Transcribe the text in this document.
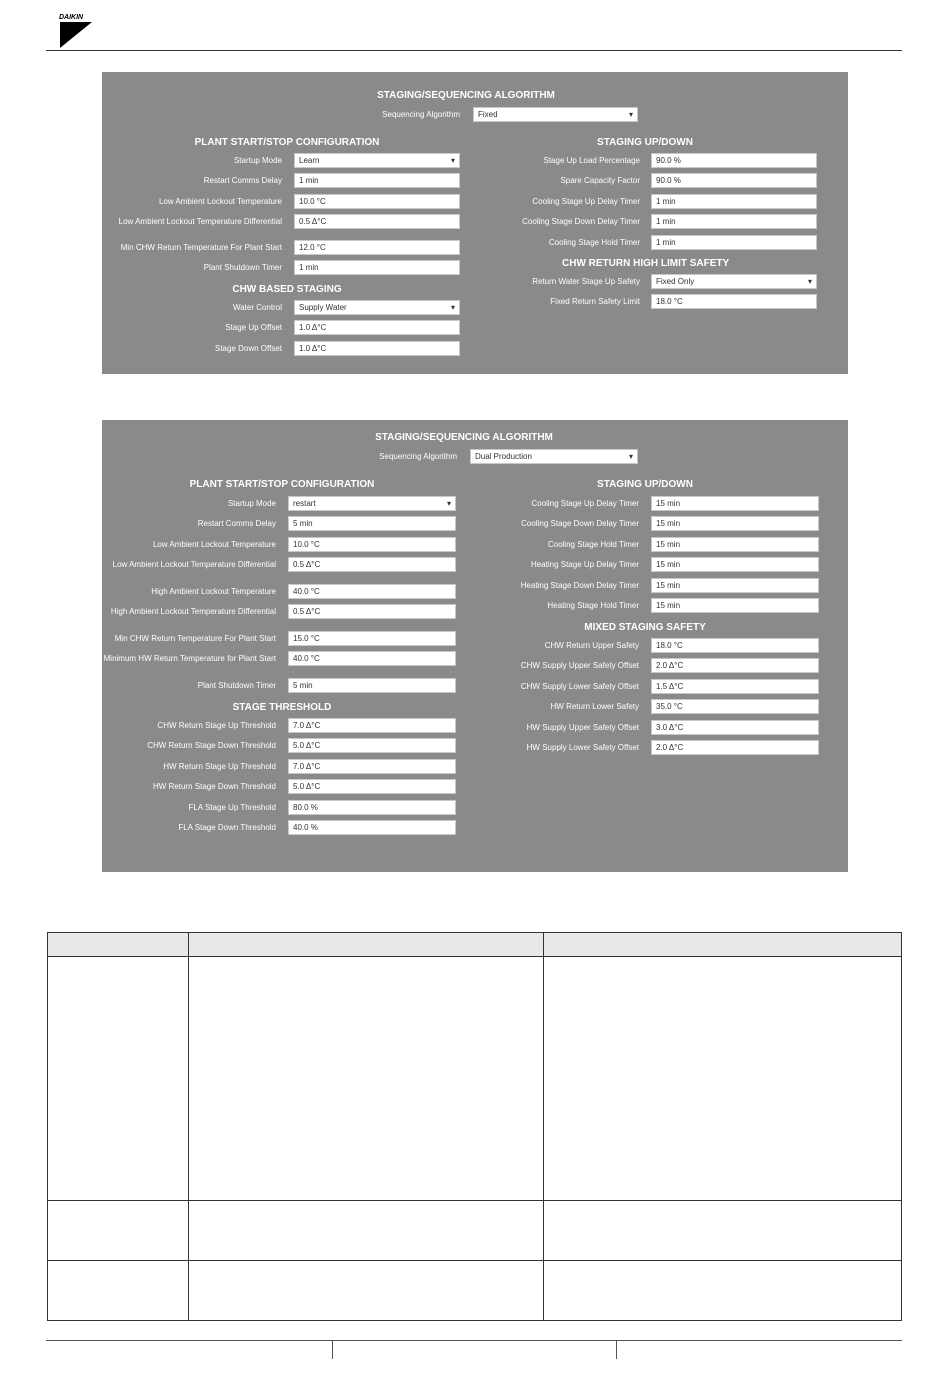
DAIKIN
STAGING/SEQUENCING ALGORITHM
Sequencing Algorithm	Fixed ▾
PLANT START/STOP CONFIGURATION	STAGING UP/DOWN
CHW BASED STAGING
CHW RETURN HIGH LIMIT SAFETY
Startup Mode	Learn ▾
Restart Comms Delay	1 min
Low Ambient Lockout Temperature	10.0 °C
Low Ambient Lockout Temperature Differential	0.5 Δ°C
Min CHW Return Temperature For Plant Start	12.0 °C
Plant Shutdown Timer	1 min
Water Control	Supply Water ▾
Stage Up Offset	1.0 Δ°C
Stage Down Offset	1.0 Δ°C
Stage Up Load Percentage	90.0 %
Spare Capacity Factor	90.0 %
Cooling Stage Up Delay Timer	1 min
Cooling Stage Down Delay Timer	1 min
Cooling Stage Hold Timer	1 min
Return Water Stage Up Safety	Fixed Only ▾
Fixed Return Safety Limit	18.0 °C
STAGING/SEQUENCING ALGORITHM
Sequencing Algorithm	Dual Production ▾
PLANT START/STOP CONFIGURATION	STAGING UP/DOWN
STAGE THRESHOLD
MIXED STAGING SAFETY
Startup Mode	restart ▾
Restart Comms Delay	5 min
Low Ambient Lockout Temperature	10.0 °C
Low Ambient Lockout Temperature Differential	0.5 Δ°C
High Ambient Lockout Temperature	40.0 °C
High Ambient Lockout Temperature Differential	0.5 Δ°C
Min CHW Return Temperature For Plant Start	15.0 °C
Minimum HW Return Temperature for Plant Start	40.0 °C
Plant Shutdown Timer	5 min
CHW Return Stage Up Threshold	7.0 Δ°C
CHW Return Stage Down Threshold	5.0 Δ°C
HW Return Stage Up Threshold	7.0 Δ°C
HW Return Stage Down Threshold	5.0 Δ°C
FLA Stage Up Threshold	80.0 %
FLA Stage Down Threshold	40.0 %
Cooling Stage Up Delay Timer	15 min
Cooling Stage Down Delay Timer	15 min
Cooling Stage Hold Timer	15 min
Heating Stage Up Delay Timer	15 min
Heating Stage Down Delay Timer	15 min
Heating Stage Hold Timer	15 min
CHW Return Upper Safety	18.0 °C
CHW Supply Upper Safety Offset	2.0 Δ°C
CHW Supply Lower Safety Offset	1.5 Δ°C
HW Return Lower Safety	35.0 °C
HW Supply Upper Safety Offset	3.0 Δ°C
HW Supply Lower Safety Offset	2.0 Δ°C
